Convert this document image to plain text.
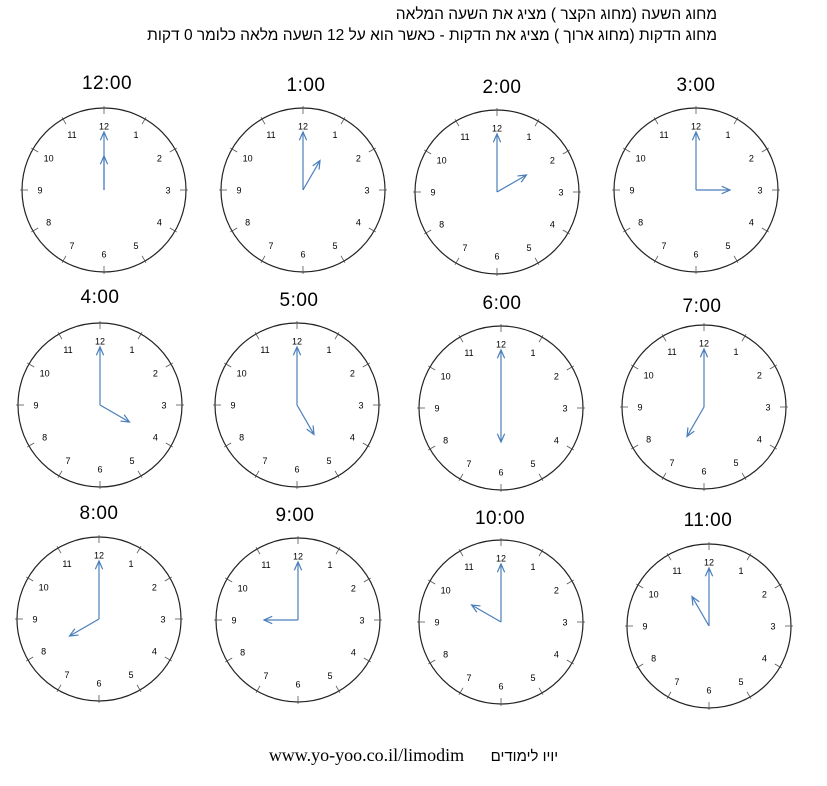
מחוג השעה (מחוג הקצר ) מציג את השעה המלאה
מחוג הדקות (מחוג ארוך ) מציג את הדקות - כאשר הוא על 12 השעה מלאה כלומר 0 דקות
12:00
12
1
2
3
4
5
6
7
8
9
10
11
1:00
12
1
2
3
4
5
6
7
8
9
10
11
2:00
12
1
2
3
4
5
6
7
8
9
10
11
3:00
12
1
2
3
4
5
6
7
8
9
10
11
4:00
12
1
2
3
4
5
6
7
8
9
10
11
5:00
12
1
2
3
4
5
6
7
8
9
10
11
6:00
12
1
2
3
4
5
6
7
8
9
10
11
7:00
12
1
2
3
4
5
6
7
8
9
10
11
8:00
12
1
2
3
4
5
6
7
8
9
10
11
9:00
12
1
2
3
4
5
6
7
8
9
10
11
10:00
12
1
2
3
4
5
6
7
8
9
10
11
11:00
12
1
2
3
4
5
6
7
8
9
10
11
www.yo-yoo.co.il/limodim יויו לימודים
